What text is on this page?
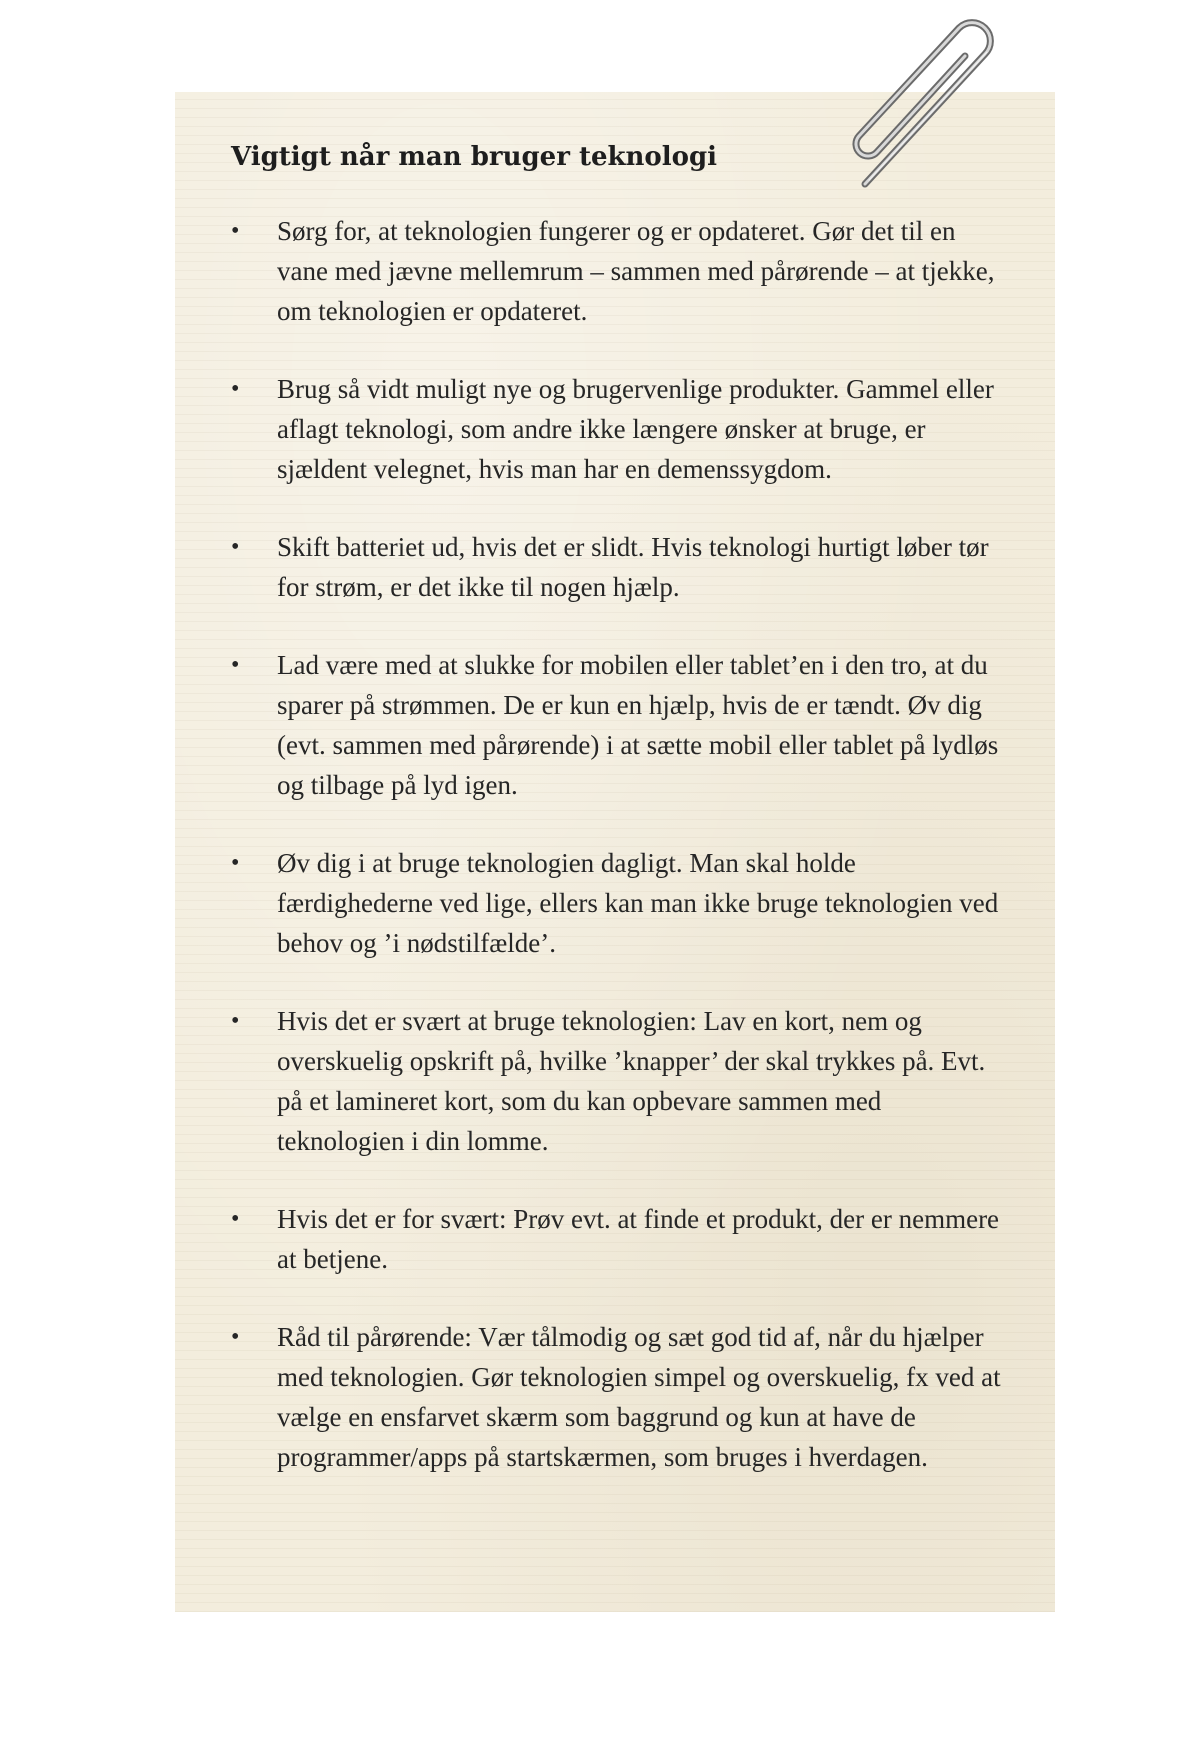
Vigtigt når man bruger teknologi
• Sørg for, at teknologien fungerer og er opdateret. Gør det til en vane med jævne mellemrum – sammen med pårørende – at tjekke, om teknologien er opdateret.
• Brug så vidt muligt nye og brugervenlige produkter. Gammel eller aflagt teknologi, som andre ikke længere ønsker at bruge, er sjældent velegnet, hvis man har en demenssygdom.
• Skift batteriet ud, hvis det er slidt. Hvis teknologi hurtigt løber tør for strøm, er det ikke til nogen hjælp.
• Lad være med at slukke for mobilen eller tablet’en i den tro, at du sparer på strømmen. De er kun en hjælp, hvis de er tændt. Øv dig (evt. sammen med pårørende) i at sætte mobil eller tablet på lydløs og tilbage på lyd igen.
• Øv dig i at bruge teknologien dagligt. Man skal holde færdighederne ved lige, ellers kan man ikke bruge teknologien ved behov og ’i nødstilfælde’.
• Hvis det er svært at bruge teknologien: Lav en kort, nem og overskuelig opskrift på, hvilke ’knapper’ der skal trykkes på. Evt. på et lamineret kort, som du kan opbevare sammen med teknologien i din lomme.
• Hvis det er for svært: Prøv evt. at finde et produkt, der er nemmere at betjene.
• Råd til pårørende: Vær tålmodig og sæt god tid af, når du hjælper med teknologien. Gør teknologien simpel og overskuelig, fx ved at vælge en ensfarvet skærm som baggrund og kun at have de programmer/apps på startskærmen, som bruges i hverdagen.
